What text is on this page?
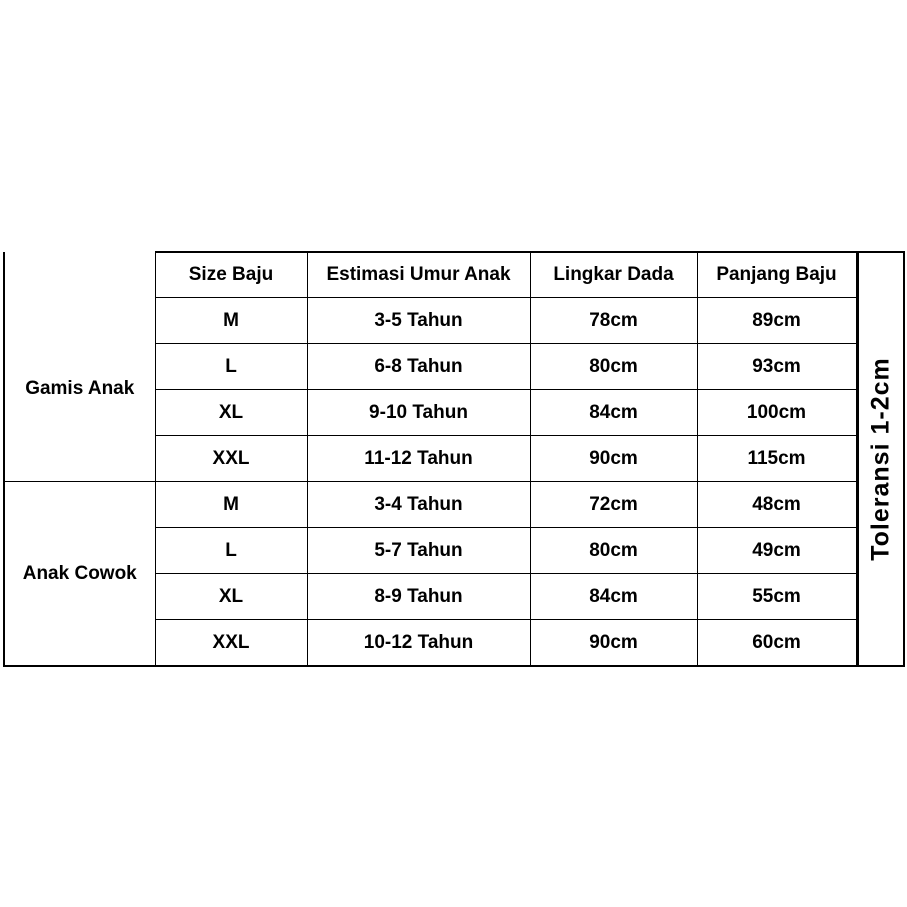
	Size Baju	Estimasi Umur Anak	Lingkar Dada	Panjang Baju	Toleransi 1-2cm

Gamis Anak	M	3-5 Tahun	78cm	89cm	
	L	6-8 Tahun	80cm	93cm	
	XL	9-10 Tahun	84cm	100cm	
	XXL	11-12 Tahun	90cm	115cm	
Anak Cowok	M	3-4 Tahun	72cm	48cm	
	L	5-7 Tahun	80cm	49cm	
	XL	8-9 Tahun	84cm	55cm	
	XXL	10-12 Tahun	90cm	60cm	
